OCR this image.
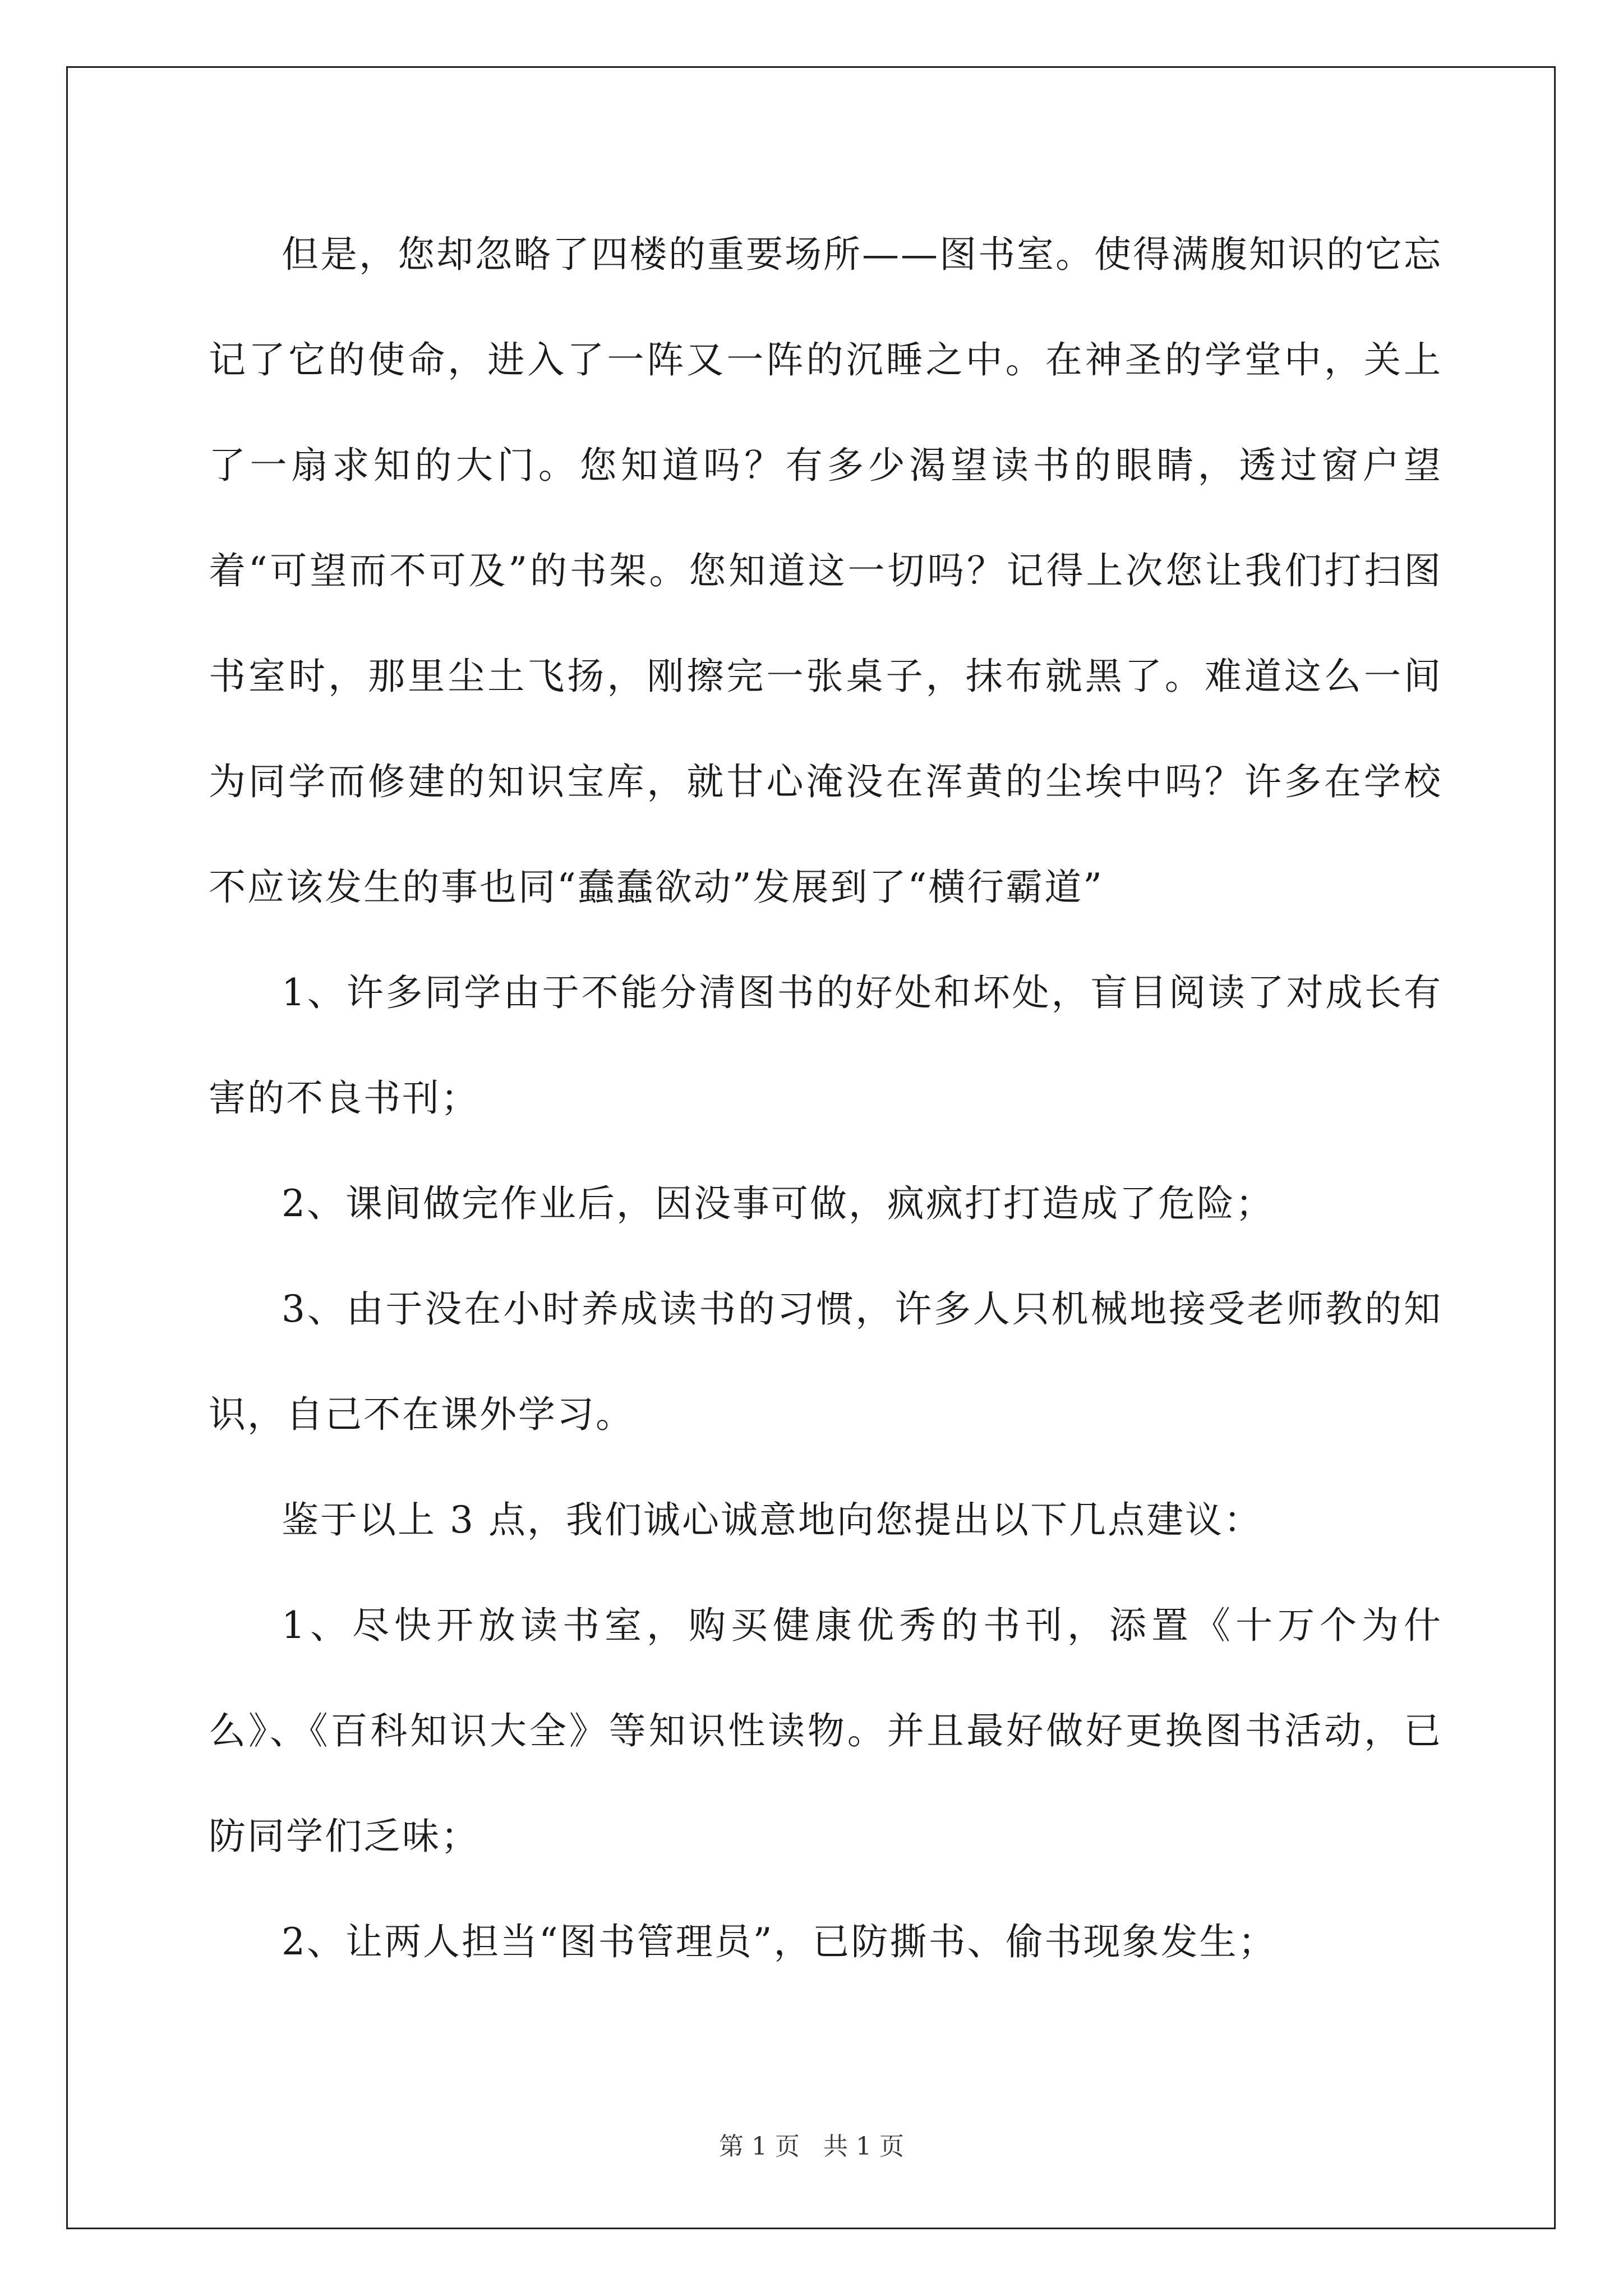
但是，您却忽略了四楼的重要场所——图书室。使得满腹知识的它忘记了它的使命，进入了一阵又一阵的沉睡之中。在神圣的学堂中，关上了一扇求知的大门。您知道吗？有多少渴望读书的眼睛，透过窗户望着“可望而不可及”的书架。您知道这一切吗？记得上次您让我们打扫图书室时，那里尘土飞扬，刚擦完一张桌子，抹布就黑了。难道这么一间为同学而修建的知识宝库，就甘心淹没在浑黄的尘埃中吗？许多在学校不应该发生的事也同“蠢蠢欲动”发展到了“横行霸道”

1、许多同学由于不能分清图书的好处和坏处，盲目阅读了对成长有害的不良书刊；

2、课间做完作业后，因没事可做，疯疯打打造成了危险；

3、由于没在小时养成读书的习惯，许多人只机械地接受老师教的知识，自己不在课外学习。

鉴于以上 3 点，我们诚心诚意地向您提出以下几点建议：

1、尽快开放读书室，购买健康优秀的书刊，添置《十万个为什么》、《百科知识大全》等知识性读物。并且最好做好更换图书活动，已防同学们乏味；

2、让两人担当“图书管理员”，已防撕书、偷书现象发生；

第 1 页   共 1 页
